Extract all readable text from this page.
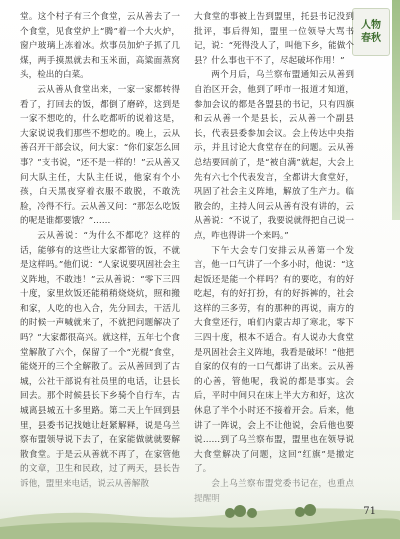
人物
春秋

堂。这个村子有三个食堂，云从善去了一个食堂，见食堂炉上“腾”着一个大火炉，窗户玻璃上冻着冰。炊事员加炉子抓了几煤，两手摸黑就去和玉米面，高粱面蒸窝头，检出的白菜。

云从善从食堂出来，一家一家都转得看了，打回去的饭，都倒了磨碎，这到是一家不想吃的，什么吃都听的说着这是，大家说说我们那些不想吃的。晚上，云从善召开干部会议，问大家：“你们家怎么回事？”支书说，“还不是一样的！”云从善又问大队主任，大队主任说，他家有个小孩，白天黑夜穿着衣服不敢脱，不敢洗脸，冷得不行。云从善又问：“那怎么吃饭的呢是谁都要饿？”……

云从善说：“为什么不都吃？这样的话，能够有的这些让大家都管的饭，不就是这样吗。”他们说：“人家说要巩固社会主义阵地，不敢违！”云从善说：“零下三四十度，家里炊饭还能稍稍烧烧炕，照和搬和家，人吃的也入合，先分回去，干活儿的时候一声喊就来了，不就把问题解决了吗？”大家都很高兴。就这样，五年七个食堂解散了六个，保留了一个“光棍”食堂，能烧开的三个全解散了。云从善回到了古城，公社干部说有社员里的电话，让县长回去。那个时候县长下乡骑个自行车，古城离县城五十多里路。第二天上午回到县里，县委书记找她让赶紧解释，说是乌兰察布盟领导说下去了，在家能做就就要解

大食堂的事被上告到盟里，托县书记没到批评，事后得知，盟里一位领导大骂书记，说：“死得没人了，叫他下乡，能做个县？什么事也干不了，尽起破坏作用！”

两个月后，乌兰察布盟通知云从善到自治区开会，他到了呼市一报道才知道，参加会议的都是各盟县的书记，只有四旗和云从善一个是县长，云从善一个副县长，代表县委参加会议。会上传达中央指示，并且讨论大食堂存在的问题。云从善总结要回前了，是“被自满”就起，大会上先有六七个代表发言，全都讲大食堂好，巩固了社会主义阵地，解放了生产力。临散会的，主持人问云从善有没有讲的，云从善说：“不说了，我要说就得把自己说一点，咋也得讲一个来吗。”

下午大会专门安排云从善第一个发言，他一口气讲了一个多小时，他说：“这起饭还是能一个样吗？有的要吃，有的好吃起，有的好打扮，有的好拆裤的，社会这样的三多劳，有的那种的再说，南方的大食堂还行，咱们内蒙古却了寒北，零下三四十度，根本不适合。有人说办大食堂是巩固社会主义阵地，我看是破坏！”他把自家的仅有的一口气都讲了出来。云从善的心善，管他呢，我说的都是事实。会后，平时中间只在床上半大方和好，这次休息了半个小时还不接着开会。后来，他讲了一阵说，会上不让他说，会后他也要说……到了乌兰察布盟，盟里也在领导说

71
